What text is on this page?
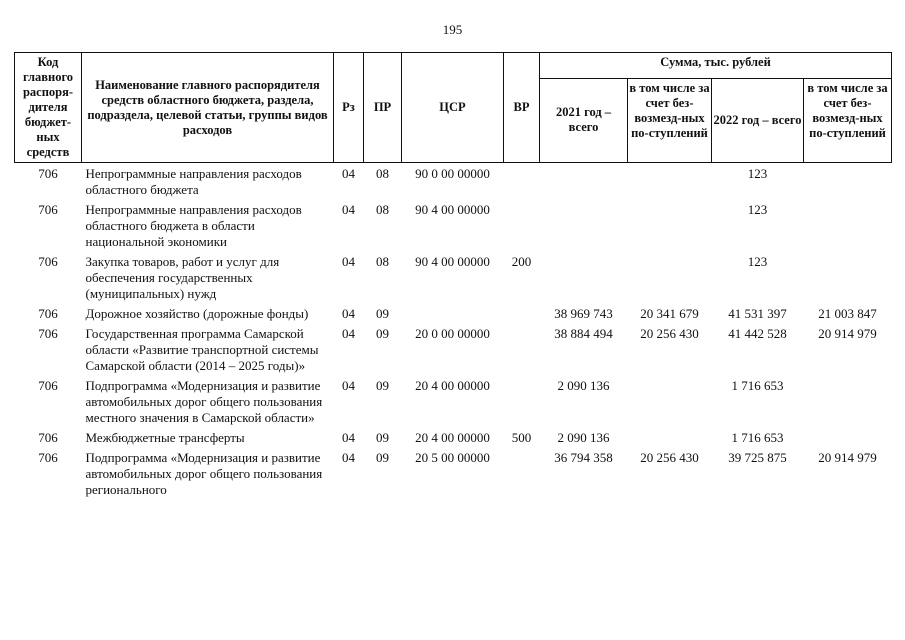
195
Код главного распоря-дителя бюджет-ных средств	Наименование главного распорядителя средств областного бюджета, раздела, подраздела, целевой статьи, группы видов расходов	Рз	ПР	ЦСР	ВР	Сумма, тыс. рублей			
						2021 год – всего	в том числе за счет без-возмезд-ных по-ступлений	2022 год – всего	в том числе за счет без-возмезд-ных по-ступлений
706	Непрограммные направления расходов областного бюджета	04	08	90 0 00 00000				123	
706	Непрограммные направления расходов областного бюджета в области национальной экономики	04	08	90 4 00 00000				123	
706	Закупка товаров, работ и услуг для обеспечения государственных (муниципальных) нужд	04	08	90 4 00 00000	200			123	
706	Дорожное хозяйство (дорожные фонды)	04	09			38 969 743	20 341 679	41 531 397	21 003 847
706	Государственная программа Самарской области «Развитие транспортной системы Самарской области (2014 – 2025 годы)»	04	09	20 0 00 00000		38 884 494	20 256 430	41 442 528	20 914 979
706	Подпрограмма «Модернизация и развитие автомобильных дорог общего пользования местного значения в Самарской области»	04	09	20 4 00 00000		2 090 136		1 716 653	
706	Межбюджетные трансферты	04	09	20 4 00 00000	500	2 090 136		1 716 653	
706	Подпрограмма «Модернизация и развитие автомобильных дорог общего пользования регионального	04	09	20 5 00 00000		36 794 358	20 256 430	39 725 875	20 914 979
